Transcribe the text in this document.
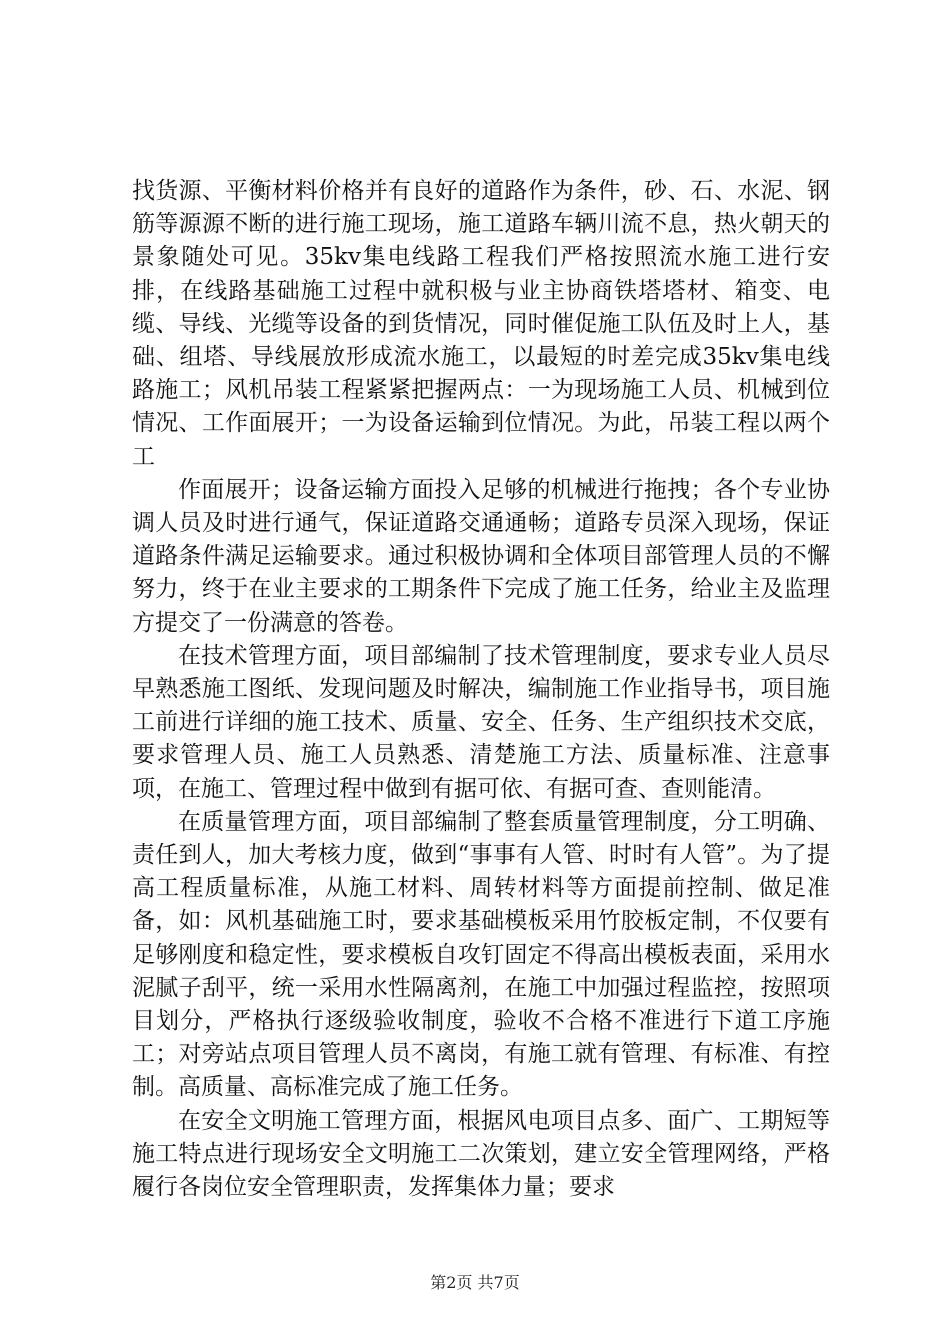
找货源、平衡材料价格并有良好的道路作为条件，砂、石、水泥、钢筋等源源不断的进行施工现场，施工道路车辆川流不息，热火朝天的景象随处可见。35kv集电线路工程我们严格按照流水施工进行安排，在线路基础施工过程中就积极与业主协商铁塔塔材、箱变、电缆、导线、光缆等设备的到货情况，同时催促施工队伍及时上人，基础、组塔、导线展放形成流水施工，以最短的时差完成35kv集电线路施工；风机吊装工程紧紧把握两点：一为现场施工人员、机械到位情况、工作面展开；一为设备运输到位情况。为此，吊装工程以两个工

作面展开；设备运输方面投入足够的机械进行拖拽；各个专业协调人员及时进行通气，保证道路交通通畅；道路专员深入现场，保证道路条件满足运输要求。通过积极协调和全体项目部管理人员的不懈努力，终于在业主要求的工期条件下完成了施工任务，给业主及监理方提交了一份满意的答卷。

在技术管理方面，项目部编制了技术管理制度，要求专业人员尽早熟悉施工图纸、发现问题及时解决，编制施工作业指导书，项目施工前进行详细的施工技术、质量、安全、任务、生产组织技术交底，要求管理人员、施工人员熟悉、清楚施工方法、质量标准、注意事项，在施工、管理过程中做到有据可依、有据可查、查则能清。

在质量管理方面，项目部编制了整套质量管理制度，分工明确、责任到人，加大考核力度，做到“事事有人管、时时有人管”。为了提高工程质量标准，从施工材料、周转材料等方面提前控制、做足准备，如：风机基础施工时，要求基础模板采用竹胶板定制，不仅要有足够刚度和稳定性，要求模板自攻钉固定不得高出模板表面，采用水泥腻子刮平，统一采用水性隔离剂，在施工中加强过程监控，按照项目划分，严格执行逐级验收制度，验收不合格不准进行下道工序施工；对旁站点项目管理人员不离岗，有施工就有管理、有标准、有控制。高质量、高标准完成了施工任务。

在安全文明施工管理方面，根据风电项目点多、面广、工期短等施工特点进行现场安全文明施工二次策划，建立安全管理网络，严格履行各岗位安全管理职责，发挥集体力量；要求

第2页 共7页
